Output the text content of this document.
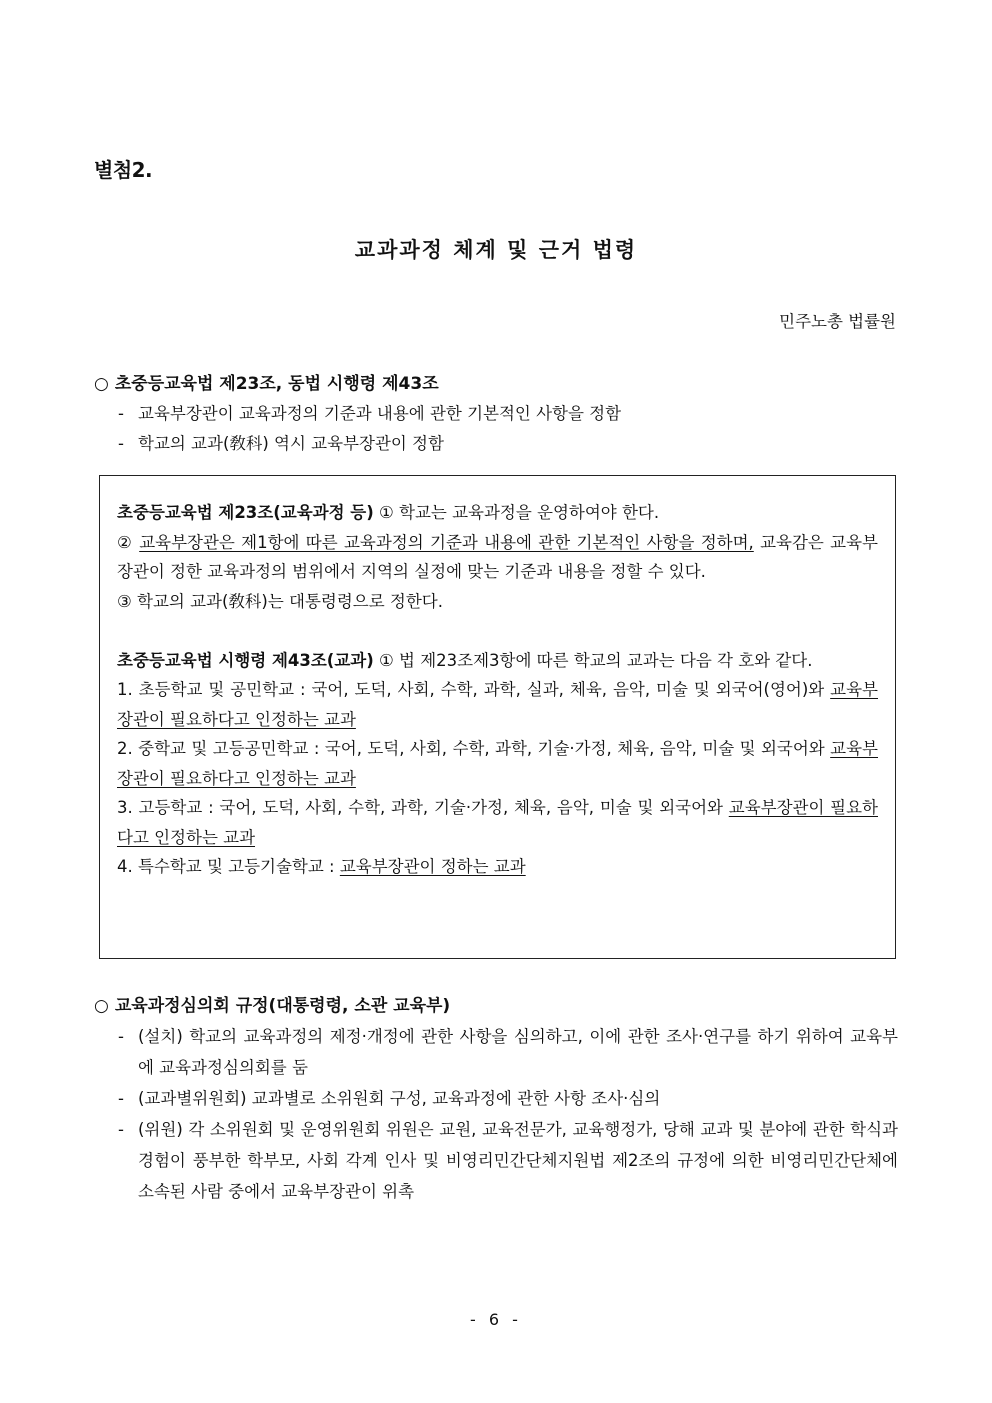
별첨2.
교과과정 체계 및 근거 법령
민주노총 법률원
○ 초중등교육법 제23조, 동법 시행령 제43조
- 교육부장관이 교육과정의 기준과 내용에 관한 기본적인 사항을 정함
- 학교의 교과(敎科) 역시 교육부장관이 정함

초중등교육법 제23조(교육과정 등) ① 학교는 교육과정을 운영하여야 한다.

② 교육부장관은 제1항에 따른 교육과정의 기준과 내용에 관한 기본적인 사항을 정하며, 교육감은 교육부장관이 정한 교육과정의 범위에서 지역의 실정에 맞는 기준과 내용을 정할 수 있다.

③ 학교의 교과(敎科)는 대통령령으로 정한다.

초중등교육법 시행령 제43조(교과) ① 법 제23조제3항에 따른 학교의 교과는 다음 각 호와 같다.

1. 초등학교 및 공민학교 : 국어, 도덕, 사회, 수학, 과학, 실과, 체육, 음악, 미술 및 외국어(영어)와 교육부장관이 필요하다고 인정하는 교과

2. 중학교 및 고등공민학교 : 국어, 도덕, 사회, 수학, 과학, 기술·가정, 체육, 음악, 미술 및 외국어와 교육부장관이 필요하다고 인정하는 교과

3. 고등학교 : 국어, 도덕, 사회, 수학, 과학, 기술·가정, 체육, 음악, 미술 및 외국어와 교육부장관이 필요하다고 인정하는 교과

4. 특수학교 및 고등기술학교 : 교육부장관이 정하는 교과

○ 교육과정심의회 규정(대통령령, 소관 교육부)
- (설치) 학교의 교육과정의 제정·개정에 관한 사항을 심의하고, 이에 관한 조사·연구를 하기 위하여 교육부에 교육과정심의회를 둠
- (교과별위원회) 교과별로 소위원회 구성, 교육과정에 관한 사항 조사·심의
- (위원) 각 소위원회 및 운영위원회 위원은 교원, 교육전문가, 교육행정가, 당해 교과 및 분야에 관한 학식과 경험이 풍부한 학부모, 사회 각계 인사 및 비영리민간단체지원법 제2조의 규정에 의한 비영리민간단체에 소속된 사람 중에서 교육부장관이 위촉
- 6 -
